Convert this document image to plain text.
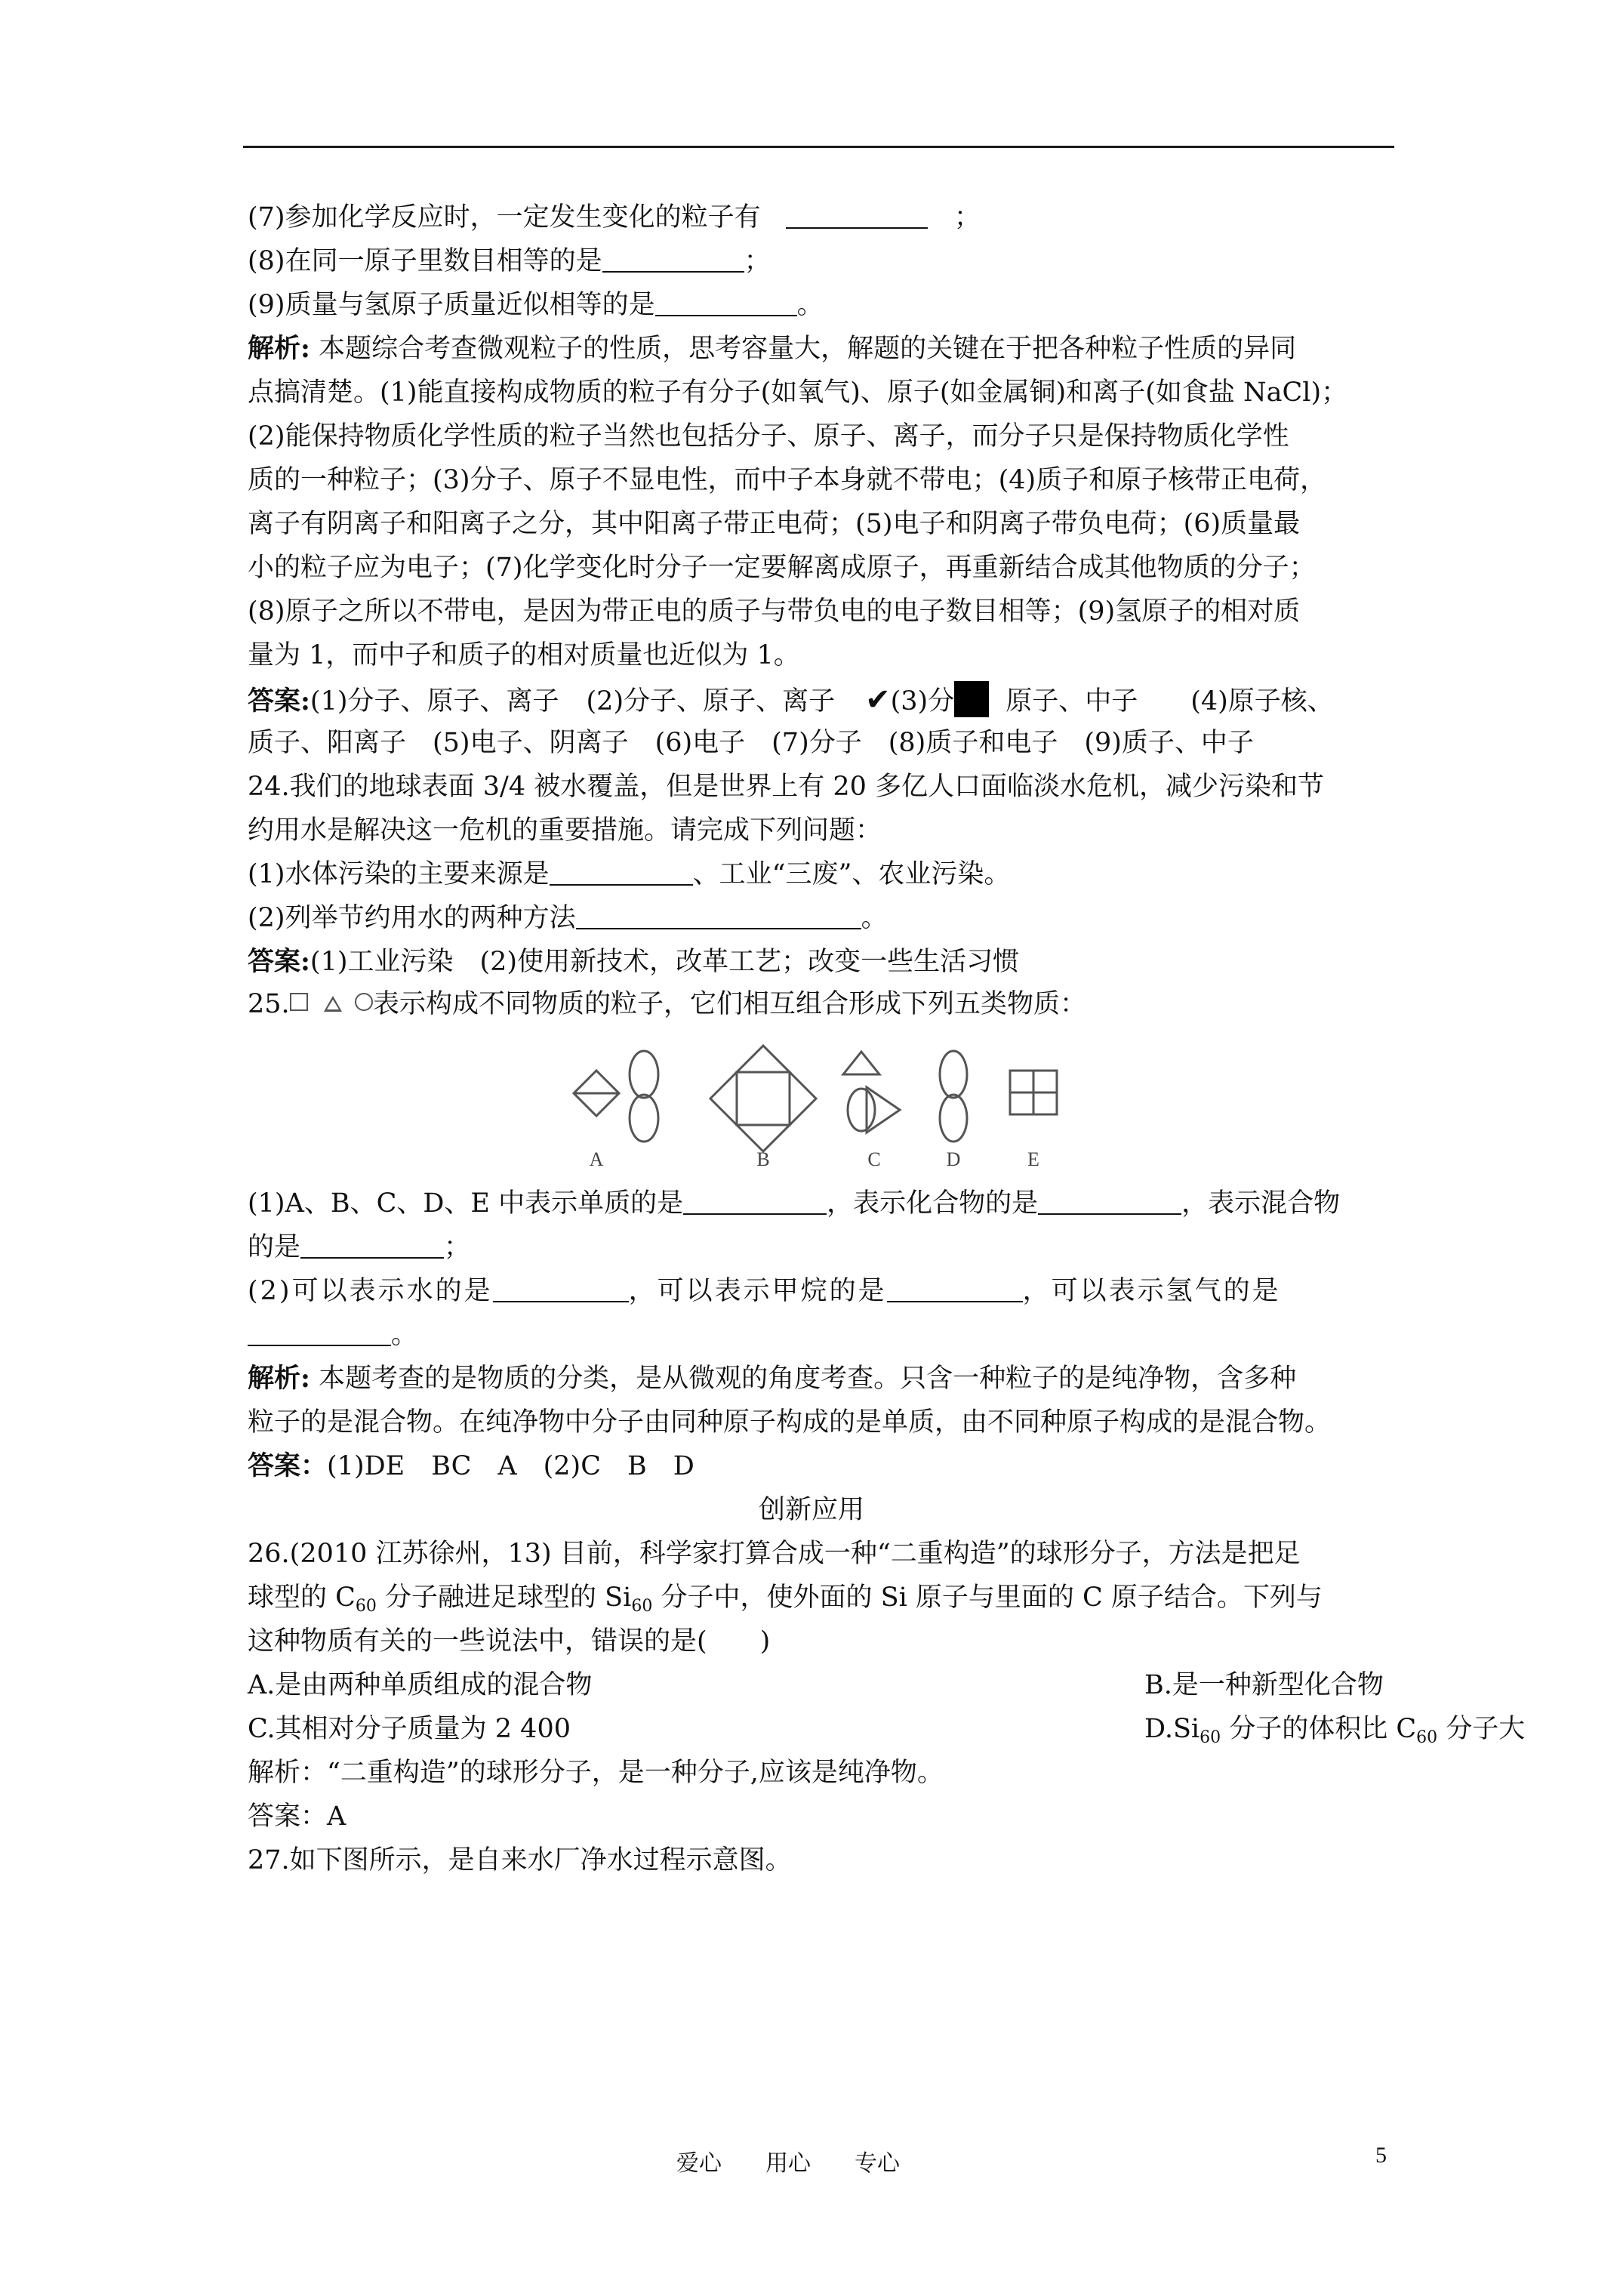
(7)参加化学反应时，一定发生变化的粒子有	；
(8)在同一原子里数目相等的是	；
(9)质量与氢原子质量近似相等的是	。
解析: 本题综合考查微观粒子的性质，思考容量大，解题的关键在于把各种粒子性质的异同
点搞清楚。(1)能直接构成物质的粒子有分子(如氧气)、原子(如金属铜)和离子(如食盐 NaCl)；
(2)能保持物质化学性质的粒子当然也包括分子、原子、离子，而分子只是保持物质化学性
质的一种粒子；(3)分子、原子不显电性，而中子本身就不带电；(4)质子和原子核带正电荷，
离子有阴离子和阳离子之分，其中阳离子带正电荷；(5)电子和阴离子带负电荷；(6)质量最
小的粒子应为电子；(7)化学变化时分子一定要解离成原子，再重新结合成其他物质的分子；
(8)原子之所以不带电，是因为带正电的质子与带负电的电子数目相等；(9)氢原子的相对质
量为 1，而中子和质子的相对质量也近似为 1。
答案:(1)分子、原子、离子 (2)分子、原子、离子 ✔(3)分 原子、中子 (4)原子核、
质子、阳离子　(5)电子、阴离子　(6)电子　(7)分子　(8)质子和电子　(9)质子、中子
24.我们的地球表面 3/4 被水覆盖，但是世界上有 20 多亿人口面临淡水危机，减少污染和节
约用水是解决这一危机的重要措施。请完成下列问题：
(1)水体污染的主要来源是	、工业“三废”、农业污染。
(2)列举节约用水的两种方法	。
答案:(1)工业污染　(2)使用新技术，改革工艺；改变一些生活习惯
25.	表示构成不同物质的粒子，它们相互组合形成下列五类物质：
A	B	C	D	E
(1)A、B、C、D、E 中表示单质的是	，表示化合物的是	，表示混合物
的是	；
(2)可以表示水的是	，可以表示甲烷的是	，可以表示氢气的是
。
解析: 本题考查的是物质的分类，是从微观的角度考查。只含一种粒子的是纯净物，含多种
粒子的是混合物。在纯净物中分子由同种原子构成的是单质，由不同种原子构成的是混合物。
答案：(1)DE　BC　A　(2)C　B　D
创新应用
26.(2010 江苏徐州，13) 目前，科学家打算合成一种“二重构造”的球形分子，方法是把足
球型的 $C_{60}$ 分子融进足球型的 $Si_{60}$ 分子中，使外面的 Si 原子与里面的 C 原子结合。下列与
这种物质有关的一些说法中，错误的是(　　)
A.是由两种单质组成的混合物	B.是一种新型化合物
C.其相对分子质量为 2 400	$D.Si_{60}$ 分子的体积比 $C_{60}$ 分子大
解析：“二重构造”的球形分子，是一种分子,应该是纯净物。
答案：A
27.如下图所示，是自来水厂净水过程示意图。
爱心 用心 专心	5
